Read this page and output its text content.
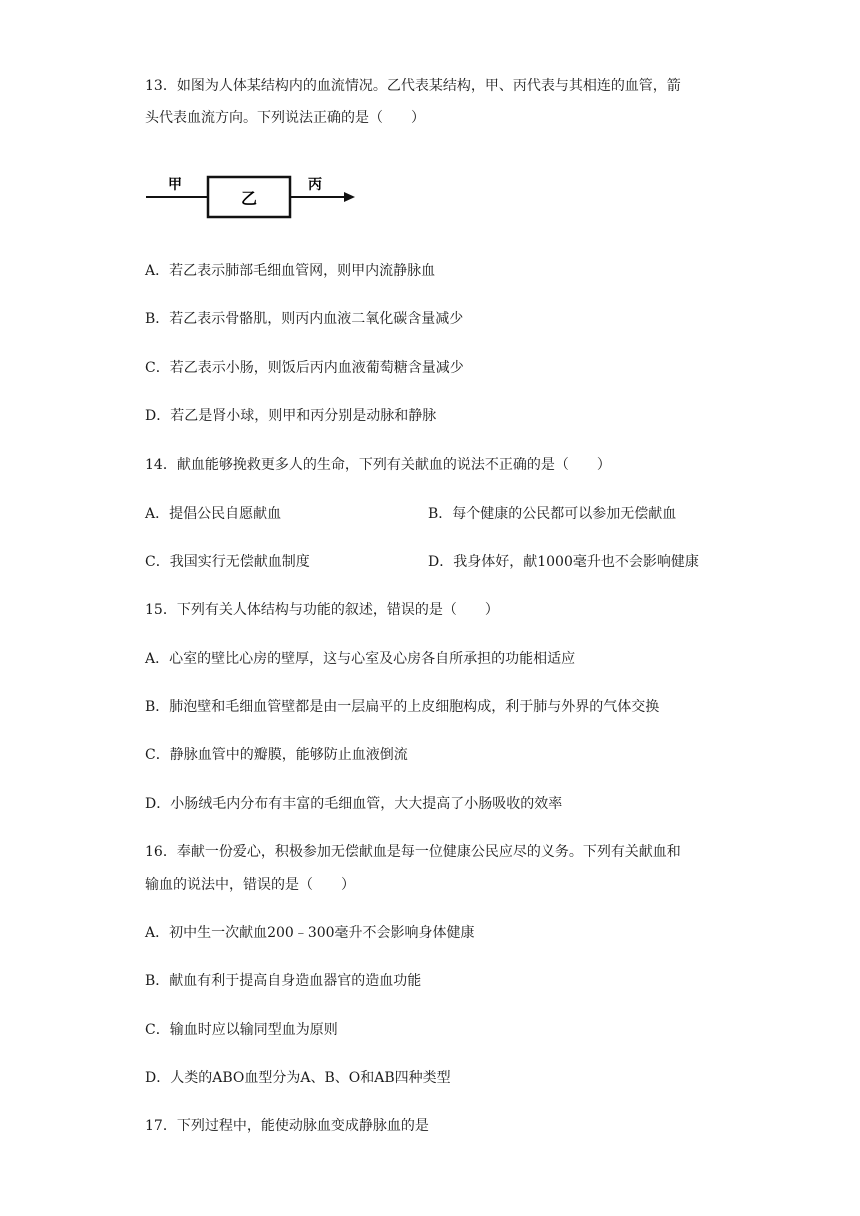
13．如图为人体某结构内的血流情况。乙代表某结构，甲、丙代表与其相连的血管，箭
头代表血流方向。下列说法正确的是（　　）
甲
乙
丙
A．若乙表示肺部毛细血管网，则甲内流静脉血
B．若乙表示骨骼肌，则丙内血液二氧化碳含量减少
C．若乙表示小肠，则饭后丙内血液葡萄糖含量减少
D．若乙是肾小球，则甲和丙分别是动脉和静脉
14．献血能够挽救更多人的生命，下列有关献血的说法不正确的是（　　）
A．提倡公民自愿献血	B．每个健康的公民都可以参加无偿献血
C．我国实行无偿献血制度	D．我身体好，献1000毫升也不会影响健康
15．下列有关人体结构与功能的叙述，错误的是（　　）
A．心室的壁比心房的壁厚，这与心室及心房各自所承担的功能相适应
B．肺泡壁和毛细血管壁都是由一层扁平的上皮细胞构成，利于肺与外界的气体交换
C．静脉血管中的瓣膜，能够防止血液倒流
D．小肠绒毛内分布有丰富的毛细血管，大大提高了小肠吸收的效率
16．奉献一份爱心，积极参加无偿献血是每一位健康公民应尽的义务。下列有关献血和
输血的说法中，错误的是（　　）
A．初中生一次献血200﹣300毫升不会影响身体健康
B．献血有利于提高自身造血器官的造血功能
C．输血时应以输同型血为原则
D．人类的ABO血型分为A、B、O和AB四种类型
17．下列过程中，能使动脉血变成静脉血的是
